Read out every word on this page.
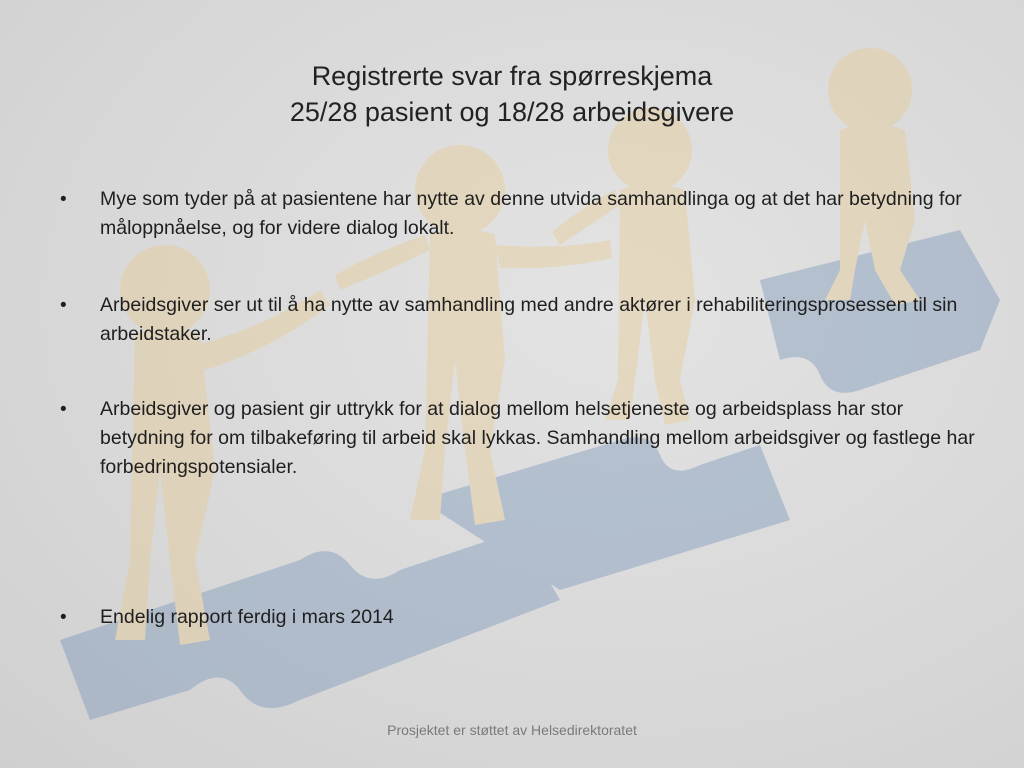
Registrerte svar fra spørreskjema
25/28 pasient og 18/28 arbeidsgivere
•	Mye som tyder på at pasientene har nytte av denne utvida samhandlinga og at det har betydning for måloppnåelse, og for videre dialog lokalt.
•	Arbeidsgiver ser ut til å ha nytte av samhandling med andre aktører i rehabiliteringsprosessen til sin arbeidstaker.
•	Arbeidsgiver og pasient gir uttrykk for at dialog mellom helsetjeneste og arbeidsplass har stor betydning for om tilbakeføring til arbeid skal lykkas. Samhandling mellom arbeidsgiver og fastlege har forbedringspotensialer.
•	Endelig rapport ferdig i mars 2014
Prosjektet er støttet av Helsedirektoratet
